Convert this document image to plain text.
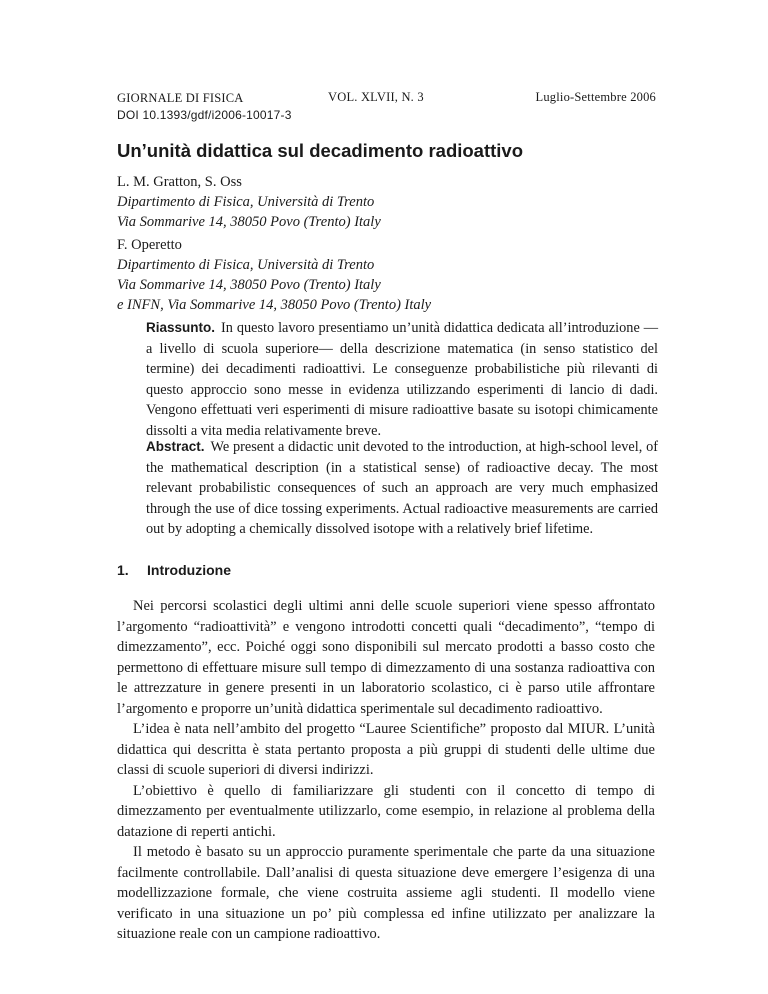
GIORNALE DI FISICA
DOI 10.1393/gdf/i2006-10017-3
VOL. XLVII, N. 3	Luglio-Settembre 2006
Un’unità didattica sul decadimento radioattivo
L. M. Gratton, S. Oss
Dipartimento di Fisica, Università di Trento
Via Sommarive 14, 38050 Povo (Trento) Italy
F. Operetto
Dipartimento di Fisica, Università di Trento
Via Sommarive 14, 38050 Povo (Trento) Italy
e INFN, Via Sommarive 14, 38050 Povo (Trento) Italy
Riassunto. In questo lavoro presentiamo un’unità didattica dedicata all’introduzione —a livello di scuola superiore— della descrizione matematica (in senso statistico del termine) dei decadimenti radioattivi. Le conseguenze probabilistiche più rilevanti di questo approccio sono messe in evidenza utilizzando esperimenti di lancio di dadi. Vengono effettuati veri esperimenti di misure radioattive basate su isotopi chimicamente dissolti a vita media relativamente breve.
Abstract. We present a didactic unit devoted to the introduction, at high-school level, of the mathematical description (in a statistical sense) of radioactive decay. The most relevant probabilistic consequences of such an approach are very much emphasized through the use of dice tossing experiments. Actual radioactive measurements are carried out by adopting a chemically dissolved isotope with a relatively brief lifetime.
1. Introduzione

Nei percorsi scolastici degli ultimi anni delle scuole superiori viene spesso affrontato l’argomento “radioattività” e vengono introdotti concetti quali “decadimento”, “tempo di dimezzamento”, ecc. Poiché oggi sono disponibili sul mercato prodotti a basso costo che permettono di effettuare misure sull tempo di dimezzamento di una sostanza radioattiva con le attrezzature in genere presenti in un laboratorio scolastico, ci è parso utile affrontare l’argomento e proporre un’unità didattica sperimentale sul decadimento radioattivo.

L’idea è nata nell’ambito del progetto “Lauree Scientifiche” proposto dal MIUR. L’unità didattica qui descritta è stata pertanto proposta a più gruppi di studenti delle ultime due classi di scuole superiori di diversi indirizzi.

L’obiettivo è quello di familiarizzare gli studenti con il concetto di tempo di dimezzamento per eventualmente utilizzarlo, come esempio, in relazione al problema della datazione di reperti antichi.

Il metodo è basato su un approccio puramente sperimentale che parte da una situazione facilmente controllabile. Dall’analisi di questa situazione deve emergere l’esigenza di una modellizzazione formale, che viene costruita assieme agli studenti. Il modello viene verificato in una situazione un po’ più complessa ed infine utilizzato per analizzare la situazione reale con un campione radioattivo.
